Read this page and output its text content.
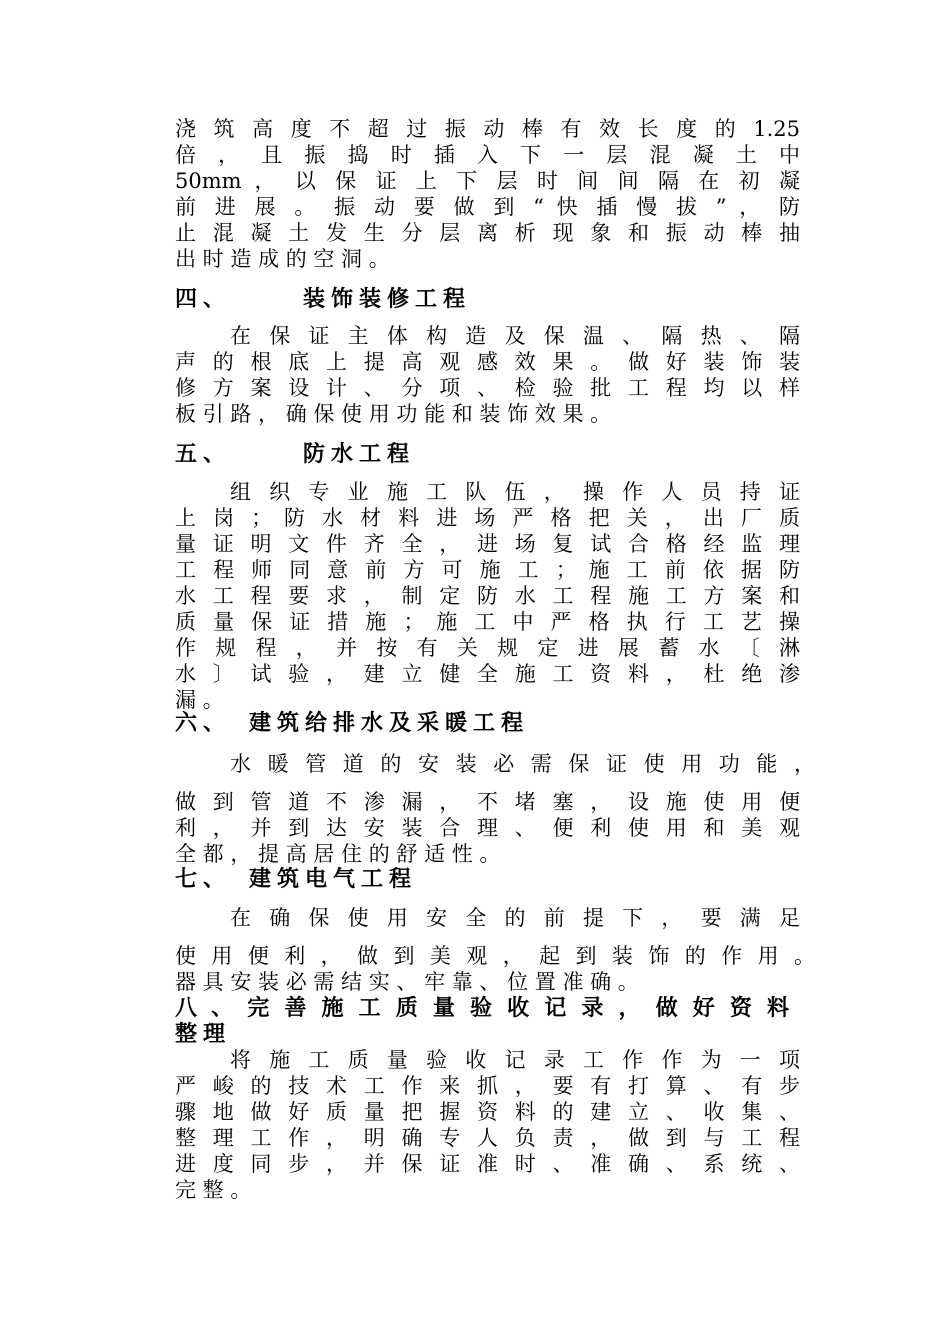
浇 筑 高 度 不 超 过 振 动 棒 有 效 长 度 的 1.25

倍 ， 且 振 捣 时 插 入 下 一 层 混 凝 土 中

50mm ， 以 保 证 上 下 层 时 间 间 隔 在 初 凝

前 进 展 。 振 动 要 做 到 “ 快 插 慢 拔 ” ， 防

止 混 凝 土 发 生 分 层 离 析 现 象 和 振 动 棒 抽

出 时 造 成 的 空 洞 。

四、	装饰装修工程

在 保 证 主 体 构 造 及 保 温 、 隔 热 、 隔

声 的 根 底 上 提 高 观 感 效 果 。 做 好 装 饰 装

修 方 案 设 计 、 分 项 、 检 验 批 工 程 均 以 样

板 引 路 ， 确 保 使 用 功 能 和 装 饰 效 果 。

五、	防水工程

组 织 专 业 施 工 队 伍 ， 操 作 人 员 持 证

上 岗 ； 防 水 材 料 进 场 严 格 把 关 ， 出 厂 质

量 证 明 文 件 齐 全 ， 进 场 复 试 合 格 经 监 理

工 程 师 同 意 前 方 可 施 工 ； 施 工 前 依 据 防

水 工 程 要 求 ， 制 定 防 水 工 程 施 工 方 案 和

质 量 保 证 措 施 ； 施 工 中 严 格 执 行 工 艺 操

作 规 程 ， 并 按 有 关 规 定 进 展 蓄 水 〔 淋

水 〕 试 验 ， 建 立 健 全 施 工 资 料 ， 杜 绝 渗

漏 。

六、 建筑给排水及采暖工程

水 暖 管 道 的 安 装 必 需 保 证 使 用 功 能 ，

做 到 管 道 不 渗 漏 ， 不 堵 塞 ， 设 施 使 用 便

利 ， 并 到 达 安 装 合 理 、 便 利 使 用 和 美 观

全 都 ， 提 高 居 住 的 舒 适 性 。

七、 建筑电气工程

在 确 保 使 用 安 全 的 前 提 下 ， 要 满 足

使 用 便 利 ， 做 到 美 观 ， 起 到 装 饰 的 作 用 。

器 具 安 装 必 需 结 实 、 牢 靠 、 位 置 准 确 。

八、完善施工质量验收记录，做好资料
整理

将 施 工 质 量 验 收 记 录 工 作 作 为 一 项

严 峻 的 技 术 工 作 来 抓 ， 要 有 打 算 、 有 步

骤 地 做 好 质 量 把 握 资 料 的 建 立 、 收 集 、

整 理 工 作 ， 明 确 专 人 负 责 ， 做 到 与 工 程

进 度 同 步 ， 并 保 证 准 时 、 准 确 、 系 统 、

完 整 。
